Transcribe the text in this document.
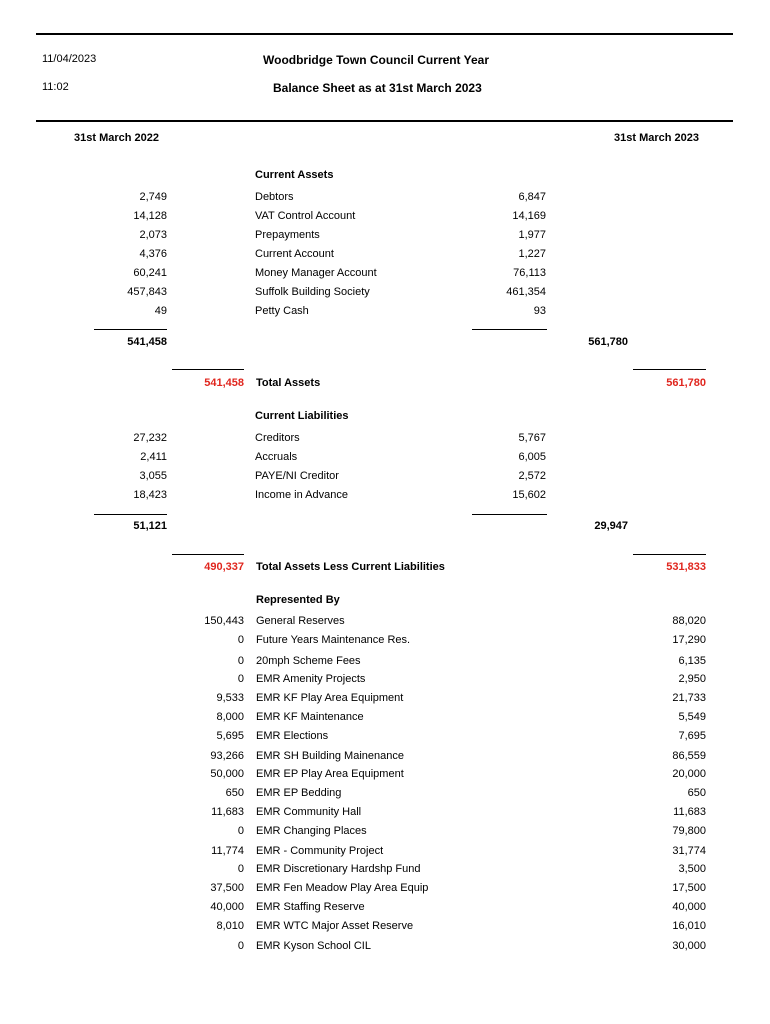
11/04/2023
11:02
Woodbridge Town Council Current Year
Balance Sheet as at 31st March 2023
31st March 2022	31st March 2023
Current Assets
2,749	Debtors	6,847
14,128	VAT Control Account	14,169
2,073	Prepayments	1,977
4,376	Current Account	1,227
60,241	Money Manager Account	76,113
457,843	Suffolk Building Society	461,354
49	Petty Cash	93
541,458	561,780
541,458 Total Assets	561,780
Current Liabilities
27,232	Creditors	5,767
2,411	Accruals	6,005
3,055	PAYE/NI Creditor	2,572
18,423	Income in Advance	15,602
51,121	29,947
490,337 Total Assets Less Current Liabilities	531,833
Represented By
150,443 General Reserves	88,020
0 Future Years Maintenance Res.	17,290
0 20mph Scheme Fees	6,135
0 EMR Amenity Projects	2,950
9,533 EMR KF Play Area Equipment	21,733
8,000 EMR KF Maintenance	5,549
5,695 EMR Elections	7,695
93,266 EMR SH Building Mainenance	86,559
50,000 EMR EP Play Area Equipment	20,000
650 EMR EP Bedding	650
11,683 EMR Community Hall	11,683
0 EMR Changing Places	79,800
11,774 EMR - Community Project	31,774
0 EMR Discretionary Hardshp Fund	3,500
37,500 EMR Fen Meadow Play Area Equip	17,500
40,000 EMR Staffing Reserve	40,000
8,010 EMR WTC Major Asset Reserve	16,010
0 EMR Kyson School CIL	30,000
